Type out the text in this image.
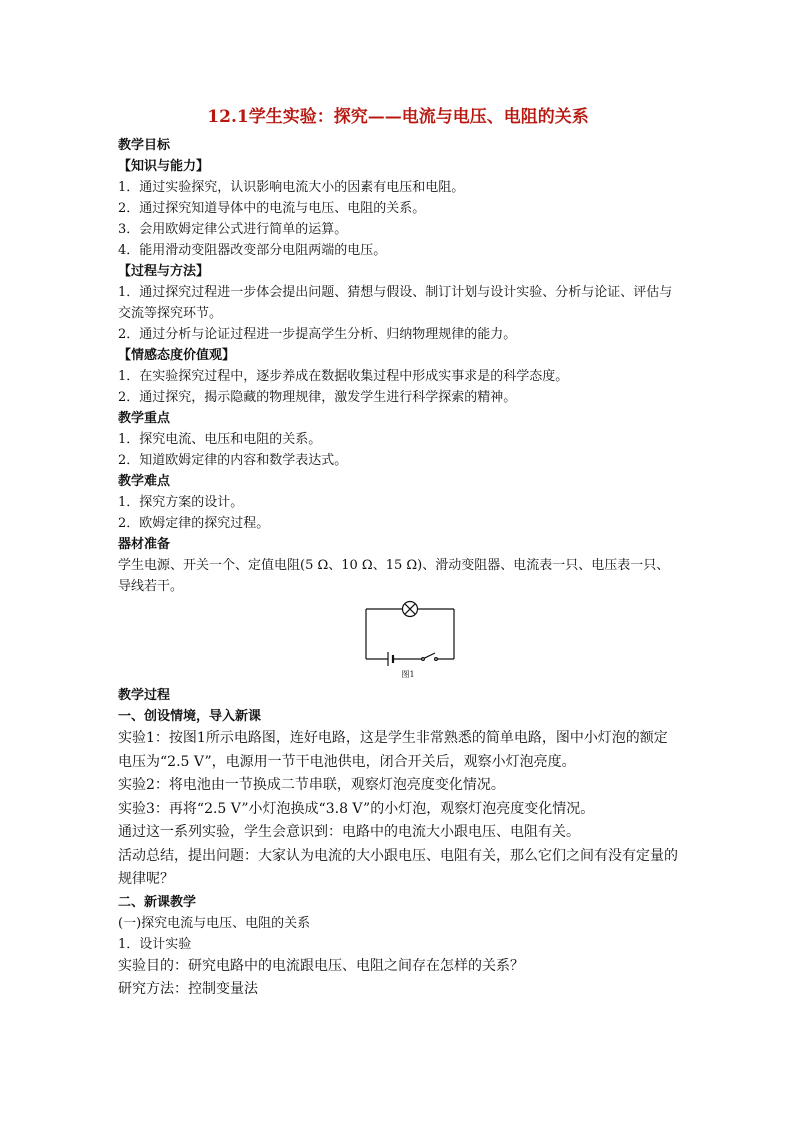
12.1学生实验：探究——电流与电压、电阻的关系
教学目标
【知识与能力】
1．通过实验探究，认识影响电流大小的因素有电压和电阻。
2．通过探究知道导体中的电流与电压、电阻的关系。
3．会用欧姆定律公式进行简单的运算。
4．能用滑动变阻器改变部分电阻两端的电压。
【过程与方法】
1．通过探究过程进一步体会提出问题、猜想与假设、制订计划与设计实验、分析与论证、评估与交流等探究环节。
2．通过分析与论证过程进一步提高学生分析、归纳物理规律的能力。
【情感态度价值观】
1．在实验探究过程中，逐步养成在数据收集过程中形成实事求是的科学态度。
2．通过探究，揭示隐藏的物理规律，激发学生进行科学探索的精神。
教学重点
1．探究电流、电压和电阻的关系。
2．知道欧姆定律的内容和数学表达式。
教学难点
1．探究方案的设计。
2．欧姆定律的探究过程。
器材准备
学生电源、开关一个、定值电阻(5 Ω、10 Ω、15 Ω)、滑动变阻器、电流表一只、电压表一只、导线若干。
图1
教学过程
一、创设情境，导入新课
实验1：按图1所示电路图，连好电路，这是学生非常熟悉的简单电路，图中小灯泡的额定电压为“2.5 V”，电源用一节干电池供电，闭合开关后，观察小灯泡亮度。
实验2：将电池由一节换成二节串联，观察灯泡亮度变化情况。
实验3：再将“2.5 V”小灯泡换成“3.8 V”的小灯泡，观察灯泡亮度变化情况。
通过这一系列实验，学生会意识到：电路中的电流大小跟电压、电阻有关。
活动总结，提出问题：大家认为电流的大小跟电压、电阻有关，那么它们之间有没有定量的规律呢？
二、新课教学
(一)探究电流与电压、电阻的关系
1．设计实验
实验目的：研究电路中的电流跟电压、电阻之间存在怎样的关系？
研究方法：控制变量法
